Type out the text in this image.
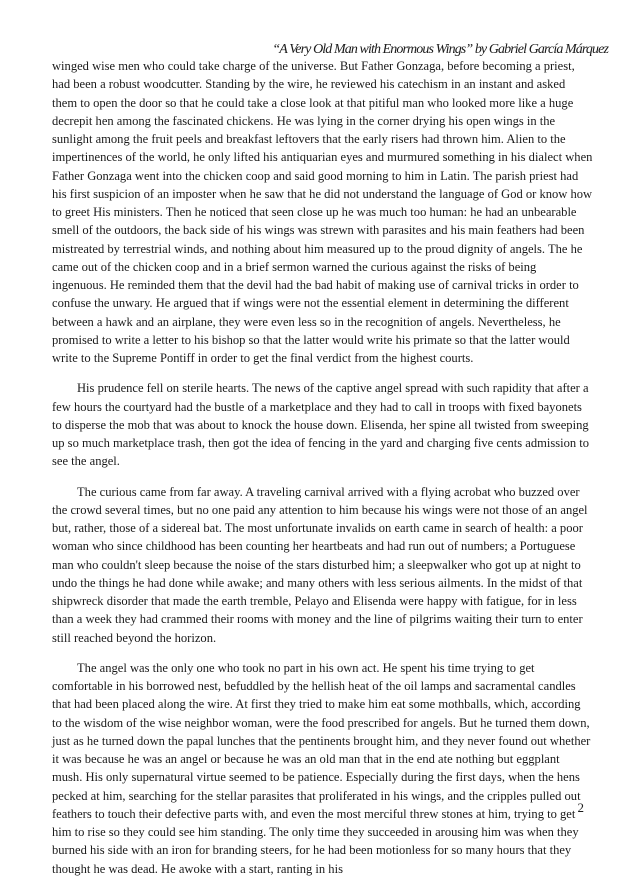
“A Very Old Man with Enormous Wings” by Gabriel García Márquez

winged wise men who could take charge of the universe. But Father Gonzaga, before becoming a priest, had been a robust woodcutter. Standing by the wire, he reviewed his catechism in an instant and asked them to open the door so that he could take a close look at that pitiful man who looked more like a huge decrepit hen among the fascinated chickens. He was lying in the corner drying his open wings in the sunlight among the fruit peels and breakfast leftovers that the early risers had thrown him. Alien to the impertinences of the world, he only lifted his antiquarian eyes and murmured something in his dialect when Father Gonzaga went into the chicken coop and said good morning to him in Latin. The parish priest had his first suspicion of an imposter when he saw that he did not understand the language of God or know how to greet His ministers. Then he noticed that seen close up he was much too human: he had an unbearable smell of the outdoors, the back side of his wings was strewn with parasites and his main feathers had been mistreated by terrestrial winds, and nothing about him measured up to the proud dignity of angels. The he came out of the chicken coop and in a brief sermon warned the curious against the risks of being ingenuous. He reminded them that the devil had the bad habit of making use of carnival tricks in order to confuse the unwary. He argued that if wings were not the essential element in determining the different between a hawk and an airplane, they were even less so in the recognition of angels. Nevertheless, he promised to write a letter to his bishop so that the latter would write his primate so that the latter would write to the Supreme Pontiff in order to get the final verdict from the highest courts.

His prudence fell on sterile hearts. The news of the captive angel spread with such rapidity that after a few hours the courtyard had the bustle of a marketplace and they had to call in troops with fixed bayonets to disperse the mob that was about to knock the house down. Elisenda, her spine all twisted from sweeping up so much marketplace trash, then got the idea of fencing in the yard and charging five cents admission to see the angel.

The curious came from far away. A traveling carnival arrived with a flying acrobat who buzzed over the crowd several times, but no one paid any attention to him because his wings were not those of an angel but, rather, those of a sidereal bat. The most unfortunate invalids on earth came in search of health: a poor woman who since childhood has been counting her heartbeats and had run out of numbers; a Portuguese man who couldn't sleep because the noise of the stars disturbed him; a sleepwalker who got up at night to undo the things he had done while awake; and many others with less serious ailments. In the midst of that shipwreck disorder that made the earth tremble, Pelayo and Elisenda were happy with fatigue, for in less than a week they had crammed their rooms with money and the line of pilgrims waiting their turn to enter still reached beyond the horizon.

The angel was the only one who took no part in his own act. He spent his time trying to get comfortable in his borrowed nest, befuddled by the hellish heat of the oil lamps and sacramental candles that had been placed along the wire. At first they tried to make him eat some mothballs, which, according to the wisdom of the wise neighbor woman, were the food prescribed for angels. But he turned them down, just as he turned down the papal lunches that the pentinents brought him, and they never found out whether it was because he was an angel or because he was an old man that in the end ate nothing but eggplant mush. His only supernatural virtue seemed to be patience. Especially during the first days, when the hens pecked at him, searching for the stellar parasites that proliferated in his wings, and the cripples pulled out feathers to touch their defective parts with, and even the most merciful threw stones at him, trying to get him to rise so they could see him standing. The only time they succeeded in arousing him was when they burned his side with an iron for branding steers, for he had been motionless for so many hours that they thought he was dead. He awoke with a start, ranting in his

2
